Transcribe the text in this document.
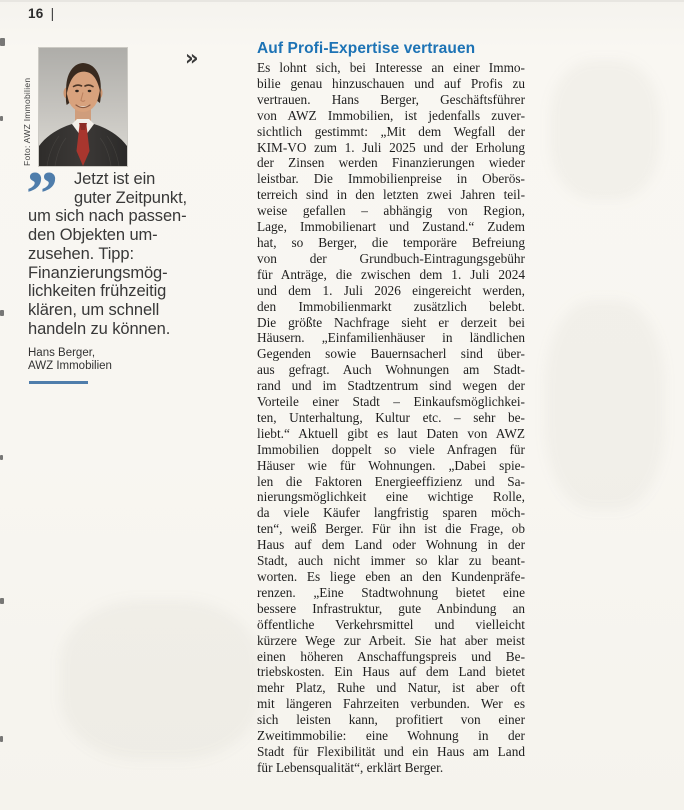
16 |
Foto: AWZ Immobilien
»
”	Jetzt ist ein
guter Zeitpunkt,
um sich nach passen-
den Objekten um-
zusehen. Tipp:
Finanzierungsmög-
lichkeiten frühzeitig
klären, um schnell
handeln zu können.
Hans Berger,
AWZ Immobilien
Auf Profi-Expertise vertrauen
Es lohnt sich, bei Interesse an einer Immo-
bilie genau hinzuschauen und auf Profis zu
vertrauen. Hans Berger, Geschäftsführer
von AWZ Immobilien, ist jedenfalls zuver-
sichtlich gestimmt: „Mit dem Wegfall der
KIM-VO zum 1. Juli 2025 und der Erholung
der Zinsen werden Finanzierungen wieder
leistbar. Die Immobilienpreise in Oberös-
terreich sind in den letzten zwei Jahren teil-
weise gefallen – abhängig von Region,
Lage, Immobilienart und Zustand.“ Zudem
hat, so Berger, die temporäre Befreiung
von der Grundbuch-Eintragungsgebühr
für Anträge, die zwischen dem 1. Juli 2024
und dem 1. Juli 2026 eingereicht werden,
den Immobilienmarkt zusätzlich belebt.
Die größte Nachfrage sieht er derzeit bei
Häusern. „Einfamilienhäuser in ländlichen
Gegenden sowie Bauernsacherl sind über-
aus gefragt. Auch Wohnungen am Stadt-
rand und im Stadtzentrum sind wegen der
Vorteile einer Stadt – Einkaufsmöglichkei-
ten, Unterhaltung, Kultur etc. – sehr be-
liebt.“ Aktuell gibt es laut Daten von AWZ
Immobilien doppelt so viele Anfragen für
Häuser wie für Wohnungen. „Dabei spie-
len die Faktoren Energieeffizienz und Sa-
nierungsmöglichkeit eine wichtige Rolle,
da viele Käufer langfristig sparen möch-
ten“, weiß Berger. Für ihn ist die Frage, ob
Haus auf dem Land oder Wohnung in der
Stadt, auch nicht immer so klar zu beant-
worten. Es liege eben an den Kundenpräfe-
renzen. „Eine Stadtwohnung bietet eine
bessere Infrastruktur, gute Anbindung an
öffentliche Verkehrsmittel und vielleicht
kürzere Wege zur Arbeit. Sie hat aber meist
einen höheren Anschaffungspreis und Be-
triebskosten. Ein Haus auf dem Land bietet
mehr Platz, Ruhe und Natur, ist aber oft
mit längeren Fahrzeiten verbunden. Wer es
sich leisten kann, profitiert von einer
Zweitimmobilie: eine Wohnung in der
Stadt für Flexibilität und ein Haus am Land
für Lebensqualität“, erklärt Berger.
